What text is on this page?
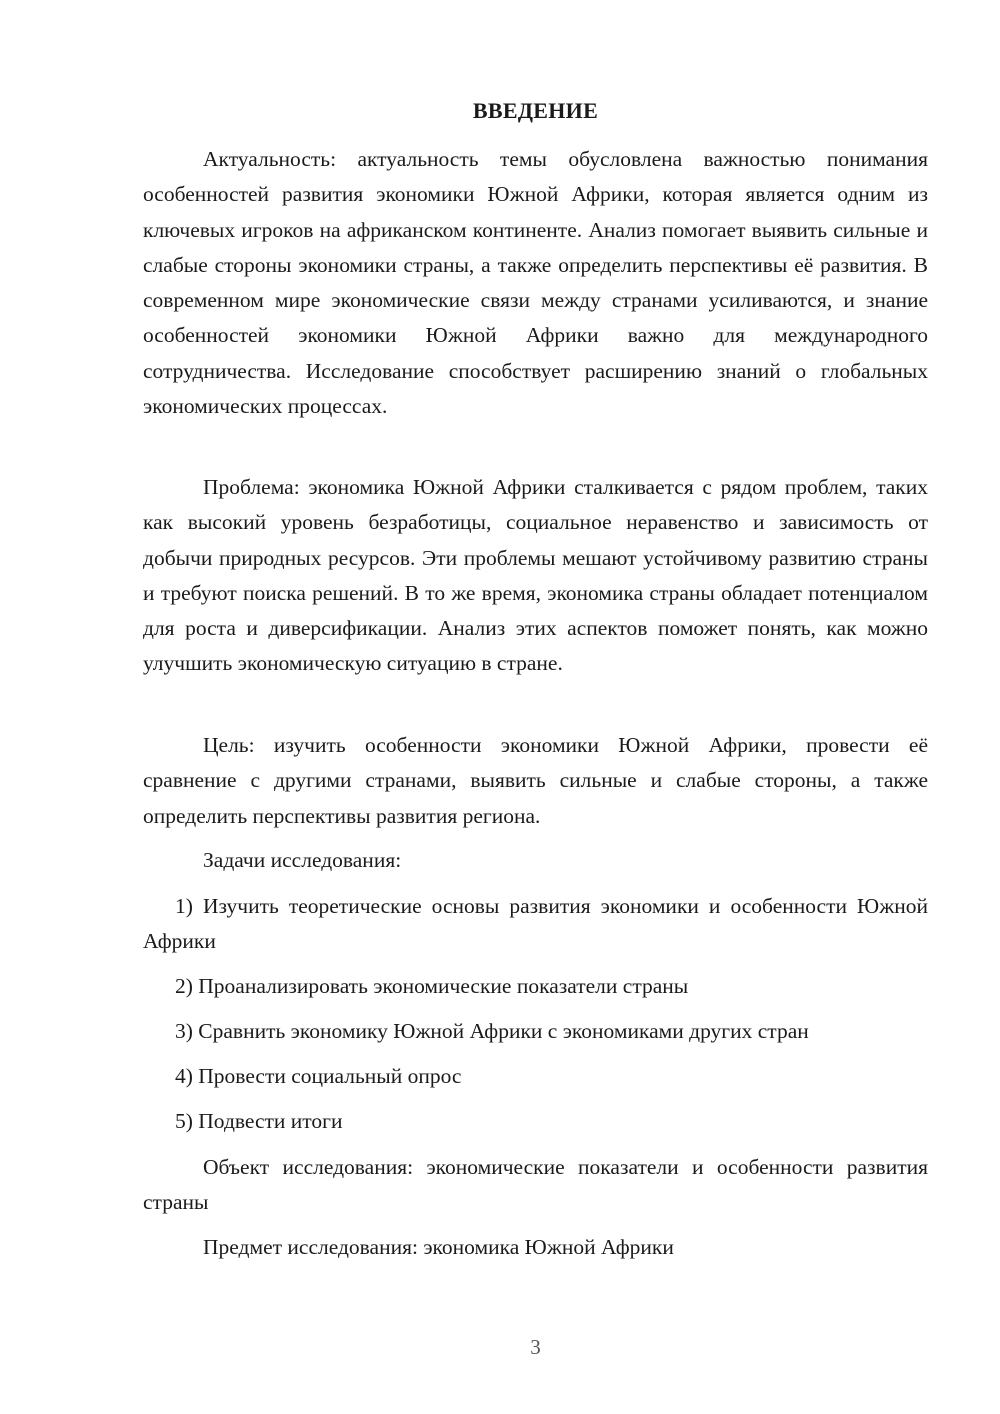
ВВЕДЕНИЕ

Актуальность: актуальность темы обусловлена важностью понимания особенностей развития экономики Южной Африки, которая является одним из ключевых игроков на африканском континенте. Анализ помогает выявить сильные и слабые стороны экономики страны, а также определить перспективы её развития. В современном мире экономические связи между странами усиливаются, и знание особенностей экономики Южной Африки важно для международного сотрудничества. Исследование способствует расширению знаний о глобальных экономических процессах.

Проблема: экономика Южной Африки сталкивается с рядом проблем, таких как высокий уровень безработицы, социальное неравенство и зависимость от добычи природных ресурсов. Эти проблемы мешают устойчивому развитию страны и требуют поиска решений. В то же время, экономика страны обладает потенциалом для роста и диверсификации. Анализ этих аспектов поможет понять, как можно улучшить экономическую ситуацию в стране.

Цель: изучить особенности экономики Южной Африки, провести её сравнение с другими странами, выявить сильные и слабые стороны, а также определить перспективы развития региона.

Задачи исследования:

1) Изучить теоретические основы развития экономики и особенности Южной Африки

2) Проанализировать экономические показатели страны

3) Сравнить экономику Южной Африки с экономиками других стран

4) Провести социальный опрос

5) Подвести итоги

Объект исследования: экономические показатели и особенности развития страны

Предмет исследования: экономика Южной Африки

3
